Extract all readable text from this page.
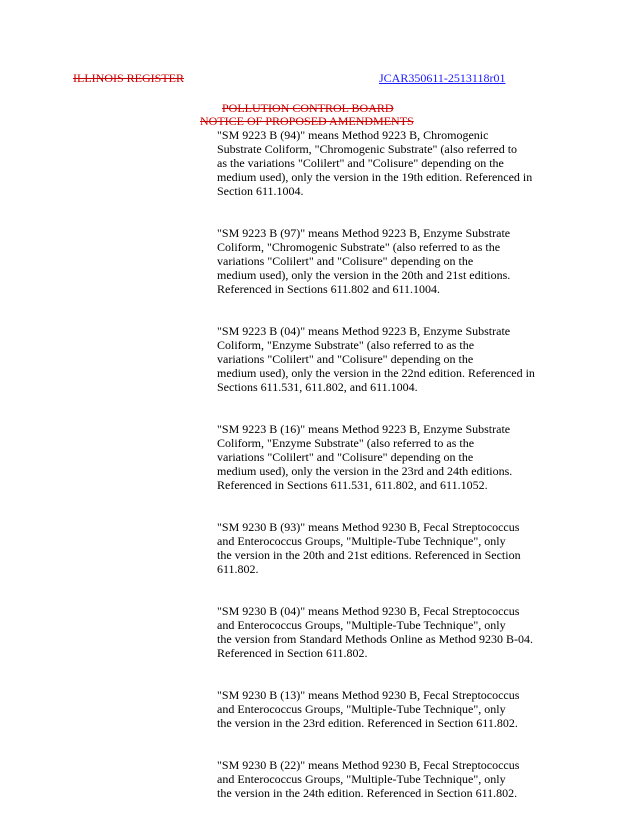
ILLINOIS REGISTER	JCAR350611-2513118r01
POLLUTION CONTROL BOARD
NOTICE OF PROPOSED AMENDMENTS
"SM 9223 B (94)" means Method 9223 B, Chromogenic
Substrate Coliform, "Chromogenic Substrate" (also referred to
as the variations "Colilert" and "Colisure" depending on the
medium used), only the version in the 19th edition. Referenced in
Section 611.1004.
"SM 9223 B (97)" means Method 9223 B, Enzyme Substrate
Coliform, "Chromogenic Substrate" (also referred to as the
variations "Colilert" and "Colisure" depending on the
medium used), only the version in the 20th and 21st editions.
Referenced in Sections 611.802 and 611.1004.
"SM 9223 B (04)" means Method 9223 B, Enzyme Substrate
Coliform, "Enzyme Substrate" (also referred to as the
variations "Colilert" and "Colisure" depending on the
medium used), only the version in the 22nd edition. Referenced in
Sections 611.531, 611.802, and 611.1004.
"SM 9223 B (16)" means Method 9223 B, Enzyme Substrate
Coliform, "Enzyme Substrate" (also referred to as the
variations "Colilert" and "Colisure" depending on the
medium used), only the version in the 23rd and 24th editions.
Referenced in Sections 611.531, 611.802, and 611.1052.
"SM 9230 B (93)" means Method 9230 B, Fecal Streptococcus
and Enterococcus Groups, "Multiple-Tube Technique", only
the version in the 20th and 21st editions. Referenced in Section
611.802.
"SM 9230 B (04)" means Method 9230 B, Fecal Streptococcus
and Enterococcus Groups, "Multiple-Tube Technique", only
the version from Standard Methods Online as Method 9230 B-04.
Referenced in Section 611.802.
"SM 9230 B (13)" means Method 9230 B, Fecal Streptococcus
and Enterococcus Groups, "Multiple-Tube Technique", only
the version in the 23rd edition. Referenced in Section 611.802.
"SM 9230 B (22)" means Method 9230 B, Fecal Streptococcus
and Enterococcus Groups, "Multiple-Tube Technique", only
the version in the 24th edition. Referenced in Section 611.802.
